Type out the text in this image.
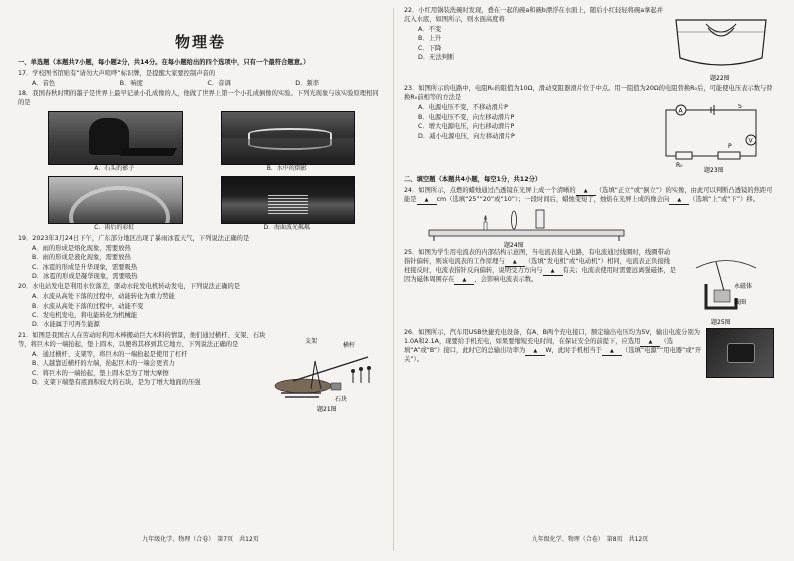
物理卷
一、单选题（本题共7小题，每小题2分，共14分。在每小题给出的四个选项中，只有一个最符合题意。）
17．学校图书馆贴有“请勿大声喧哗”标识牌，是提醒大家要控制声音的
A．音色	B．响度	C．音调	D．频率
18．我国春秋时期的墨子是世界上最早记录小孔成像的人，他做了世界上第一个小孔成倒像的实验。下列光现象与该实验原理相同的是
A．石头的影子	B．水中的倒影
C．雨后的彩虹	D．海面波光粼粼
19．2023年3月24日下午，广东部分地区出现了暴雨冰雹天气，下列说法正确的是
A．雨的形成是熔化现象，需要放热
B．雨的形成是液化现象，需要放热
C．冰雹的形成是升华现象，需要吸热
D．冰雹的形成是凝华现象，需要吸热
20．水电站发电是利用水位落差，驱动水轮发电机转动发电，下列说法正确的是
A．水流从高处下落的过程中，动能转化为重力势能
B．水流从高处下落的过程中，动能不变
C．发电机发电，将电能转化为机械能
D．水能属于可再生能源
21．如图是我国古人在劳动时利用木棒搬动巨大木料的情景，他们通过横杆、支架、石块等，将巨木的一端抬起，垫上圆木，以便将其移到其它地方，下列说法正确的是
A．通过横杆、支架等，将巨木的一端抬起是使用了杠杆
B．人越靠近横杆的左端，抬起巨木的一端会更省力
C．将巨木的一端抬起，垫上圆木是为了增大摩擦
D．支架下端垫有底面积较大的石块，是为了增大地面的压强
支架
横杆
石块
题21图
九年级化学、物理（合卷）　第7页　共12页
22．小红用锅装洗碗时发现，叠在一起的碗a和碗b漂浮在水面上，随后小红轻轻将碗a拿起并沉入水底，如图所示，则水面高度将
A．不变
B．上升
C．下降
D．无法判断
题22图
23．如图所示的电路中，电阻R₀的阻值为10Ω，滑动变阻器滑片位于中点。用一阻值为20Ω的电阻替换R₀后，可能使电压表示数与替换R₀前相等的方法是
A．电源电压不变，不移动滑片P
B．电源电压不变，向左移动滑片P
C．增大电源电压，向右移动滑片P
D．减小电源电压，向左移动滑片P
A
S
R₀
P
V
题23图
二、填空题（本题共4小题，每空1分，共12分）
24．如图所示，点燃的蜡烛通过凸透镜在光屏上成一个清晰的 ▲ （选填“正立”或“倒立”）的实像，由此可以判断凸透镜的焦距可能是 ▲ cm（选填“25”“20”或“10”）；一段时间后，蜡烛变短了，烛焰在光屏上成的像会向 ▲ （选填“上”或“下”）移。
题24图
25．如图为学生用电流表的内部结构示意图，当电流表接入电路，有电流通过线圈时，线圈带动指针偏转，则该电流表的工作原理与 ▲ （选填“发电机”或“电动机”）相同，电流表正负接线柱接反时，电流表指针反向偏转，说明受力方向与 ▲ 有关；电流表使用时需要远离强磁体，是因为磁体周围存在 ▲ ，会影响电流表示数。
永磁体
线圈
题25图
26．如图所示，汽车用USB快捷充电设备，有A、B两个充电接口，额定输出电压均为5V，输出电流分别为1.0A和2.1A，现要给手机充电，如果要缩短充电时间，在保证安全的前提下，应选用 ▲ （选填“A”或“B”）接口，此时它的总输出功率为 ▲ W，此时手机相当于 ▲ （选填“电源”“用电器”或“开关”）。
九年级化学、物理（合卷）　第8页　共12页
